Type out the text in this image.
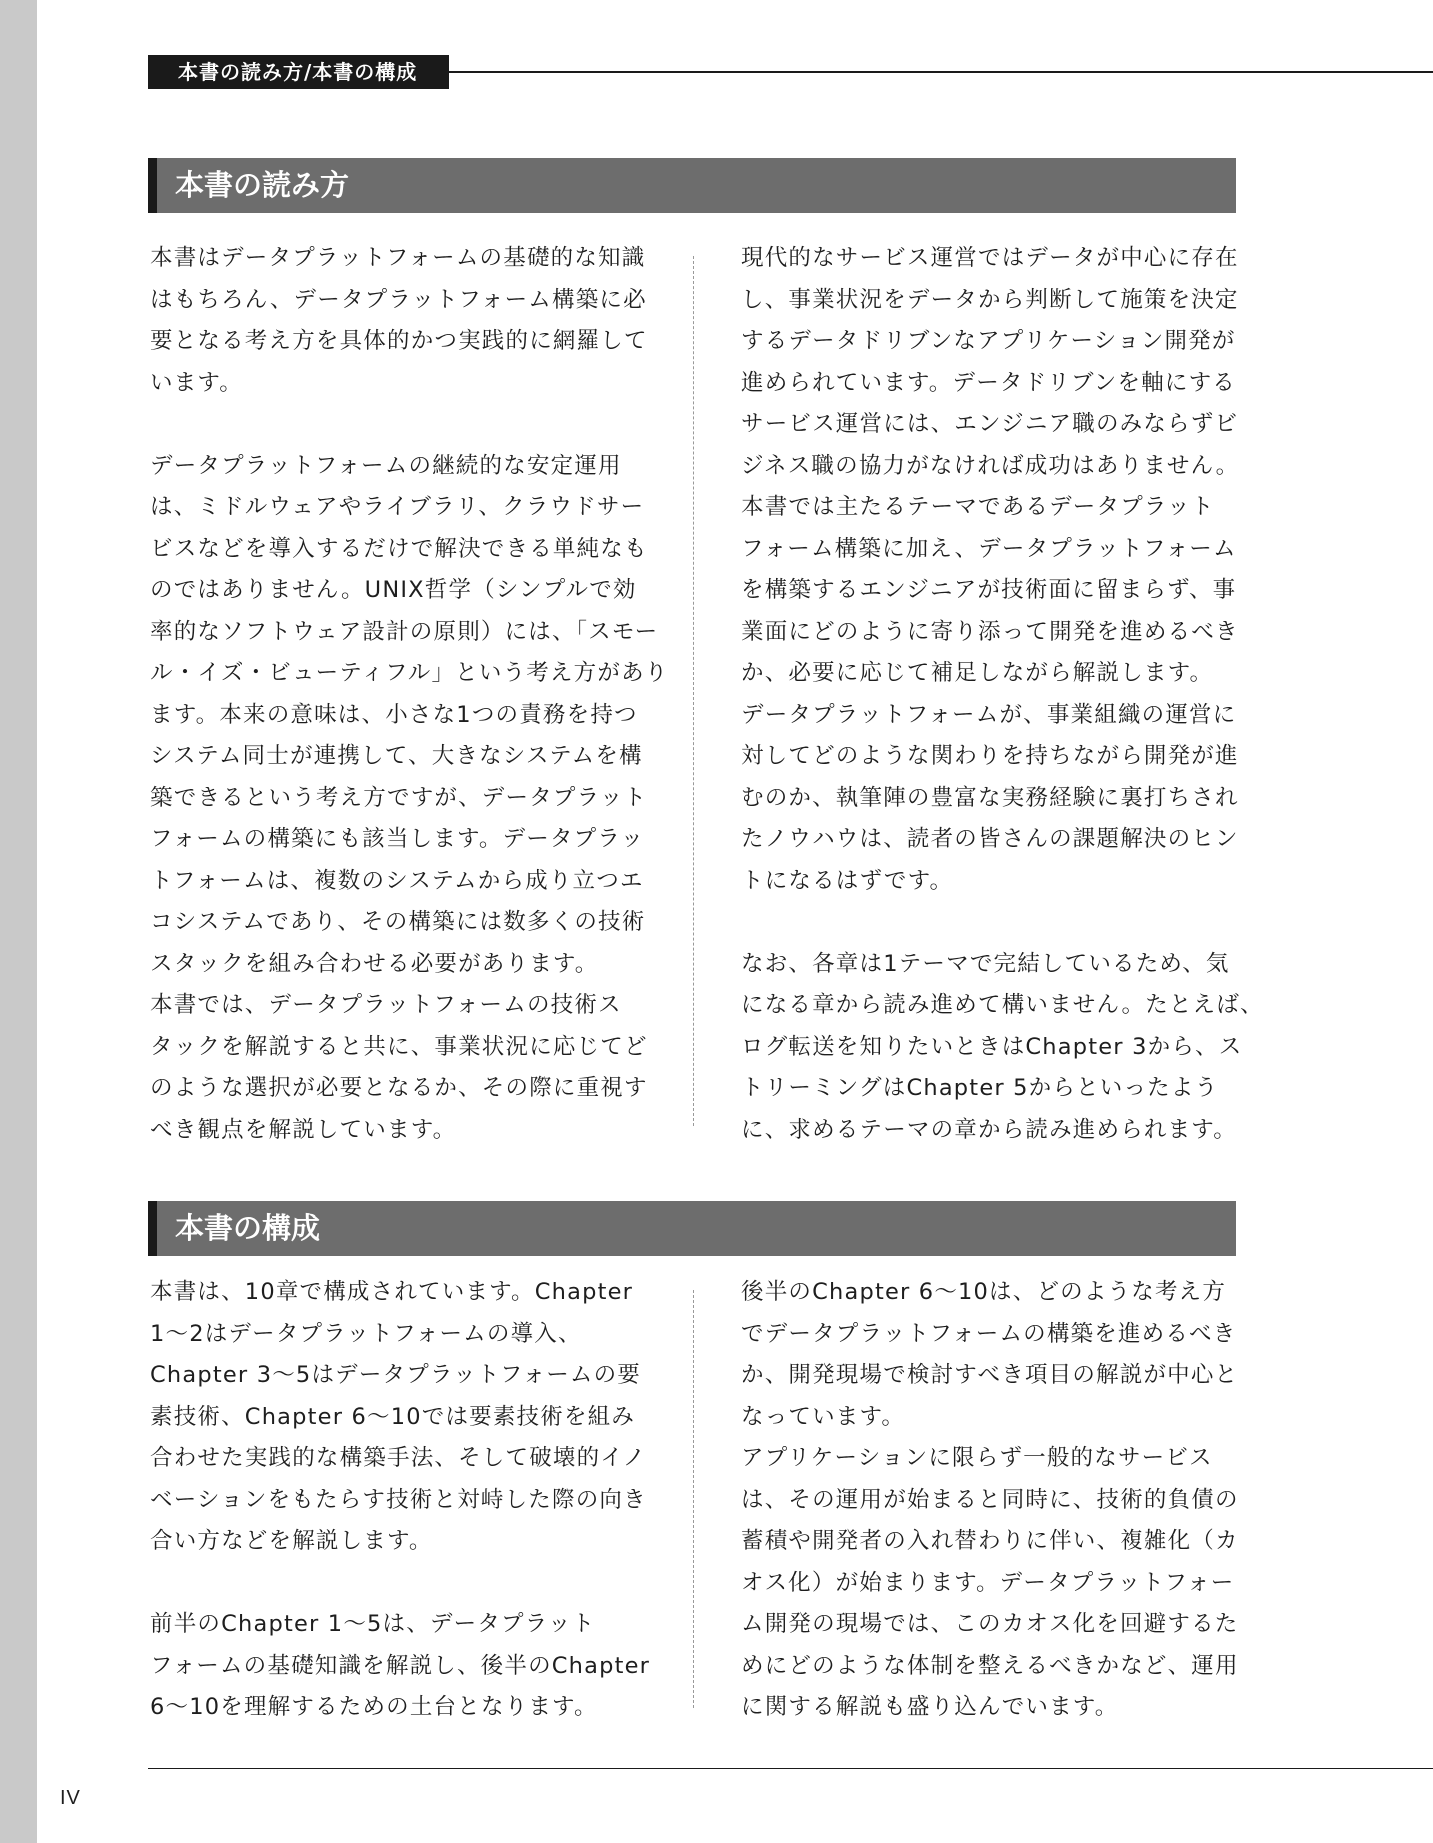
本書の読み方/本書の構成
本書の読み方

本書はデータプラットフォームの基礎的な知識

はもちろん、データプラットフォーム構築に必

要となる考え方を具体的かつ実践的に網羅して

います。

データプラットフォームの継続的な安定運用

は、ミドルウェアやライブラリ、クラウドサー

ビスなどを導入するだけで解決できる単純なも

のではありません。UNIX哲学（シンプルで効

率的なソフトウェア設計の原則）には、「スモー

ル・イズ・ビューティフル」という考え方があり

ます。本来の意味は、小さな1つの責務を持つ

システム同士が連携して、大きなシステムを構

築できるという考え方ですが、データプラット

フォームの構築にも該当します。データプラッ

トフォームは、複数のシステムから成り立つエ

コシステムであり、その構築には数多くの技術

スタックを組み合わせる必要があります。

本書では、データプラットフォームの技術ス

タックを解説すると共に、事業状況に応じてど

のような選択が必要となるか、その際に重視す

べき観点を解説しています。

現代的なサービス運営ではデータが中心に存在

し、事業状況をデータから判断して施策を決定

するデータドリブンなアプリケーション開発が

進められています。データドリブンを軸にする

サービス運営には、エンジニア職のみならずビ

ジネス職の協力がなければ成功はありません。

本書では主たるテーマであるデータプラット

フォーム構築に加え、データプラットフォーム

を構築するエンジニアが技術面に留まらず、事

業面にどのように寄り添って開発を進めるべき

か、必要に応じて補足しながら解説します。

データプラットフォームが、事業組織の運営に

対してどのような関わりを持ちながら開発が進

むのか、執筆陣の豊富な実務経験に裏打ちされ

たノウハウは、読者の皆さんの課題解決のヒン

トになるはずです。

なお、各章は1テーマで完結しているため、気

になる章から読み進めて構いません。たとえば、

ログ転送を知りたいときはChapter 3から、ス

トリーミングはChapter 5からといったよう

に、求めるテーマの章から読み進められます。

本書の構成

本書は、10章で構成されています。Chapter

1〜2はデータプラットフォームの導入、

Chapter 3〜5はデータプラットフォームの要

素技術、Chapter 6〜10では要素技術を組み

合わせた実践的な構築手法、そして破壊的イノ

ベーションをもたらす技術と対峙した際の向き

合い方などを解説します。

前半のChapter 1〜5は、データプラット

フォームの基礎知識を解説し、後半のChapter

6〜10を理解するための土台となります。

後半のChapter 6〜10は、どのような考え方

でデータプラットフォームの構築を進めるべき

か、開発現場で検討すべき項目の解説が中心と

なっています。

アプリケーションに限らず一般的なサービス

は、その運用が始まると同時に、技術的負債の

蓄積や開発者の入れ替わりに伴い、複雑化（カ

オス化）が始まります。データプラットフォー

ム開発の現場では、このカオス化を回避するた

めにどのような体制を整えるべきかなど、運用

に関する解説も盛り込んでいます。

IV
